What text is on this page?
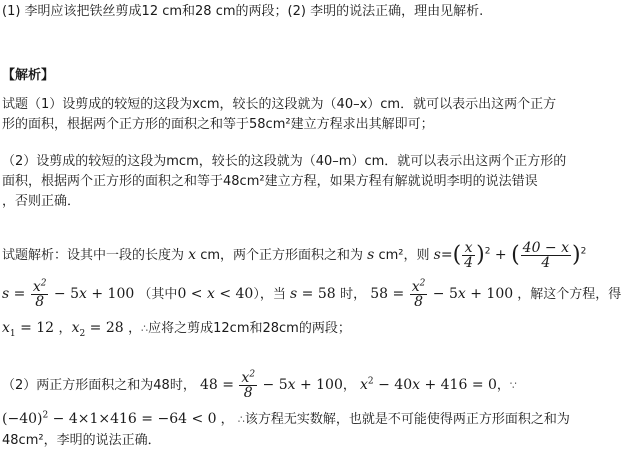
(1) 李明应该把铁丝剪成12 cm和28 cm的两段；(2) 李明的说法正确，理由见解析.
【解析】
试题（1）设剪成的较短的这段为xcm，较长的这段就为（40–x）cm．就可以表示出这两个正方
形的面积，根据两个正方形的面积之和等于58cm²建立方程求出其解即可；
（2）设剪成的较短的这段为mcm，较长的这段就为（40–m）cm．就可以表示出这两个正方形的
面积，根据两个正方形的面积之和等于48cm²建立方程，如果方程有解就说明李明的说法错误
，否则正确．
试题解析：设其中一段的长度为 x cm，两个正方形面积之和为 s cm²，则 $s=( \frac{x}{4} )^2$ + ( $\frac{40 - x}{4} )^2$
$s = \frac{x^2}{8} - 5x + 100$ （其中0 < x < 40），当 s = 58 时， $58 = \frac{x^2}{8} - 5x + 100$ ，解这个方程，得
$x_1 = 12$ ，$x_2 = 28$ ，∴应将之剪成12cm和28cm的两段；
（2）两正方形面积之和为48时， $48 = \frac{x^2}{8} - 5x + 100$， $x^2 - 40x + 416 = 0$，∵
$(-40)^2 - 4\times 1\times 416 = -64 < 0$ ， ∴该方程无实数解，也就是不可能使得两正方形面积之和为
48cm²，李明的说法正确．
